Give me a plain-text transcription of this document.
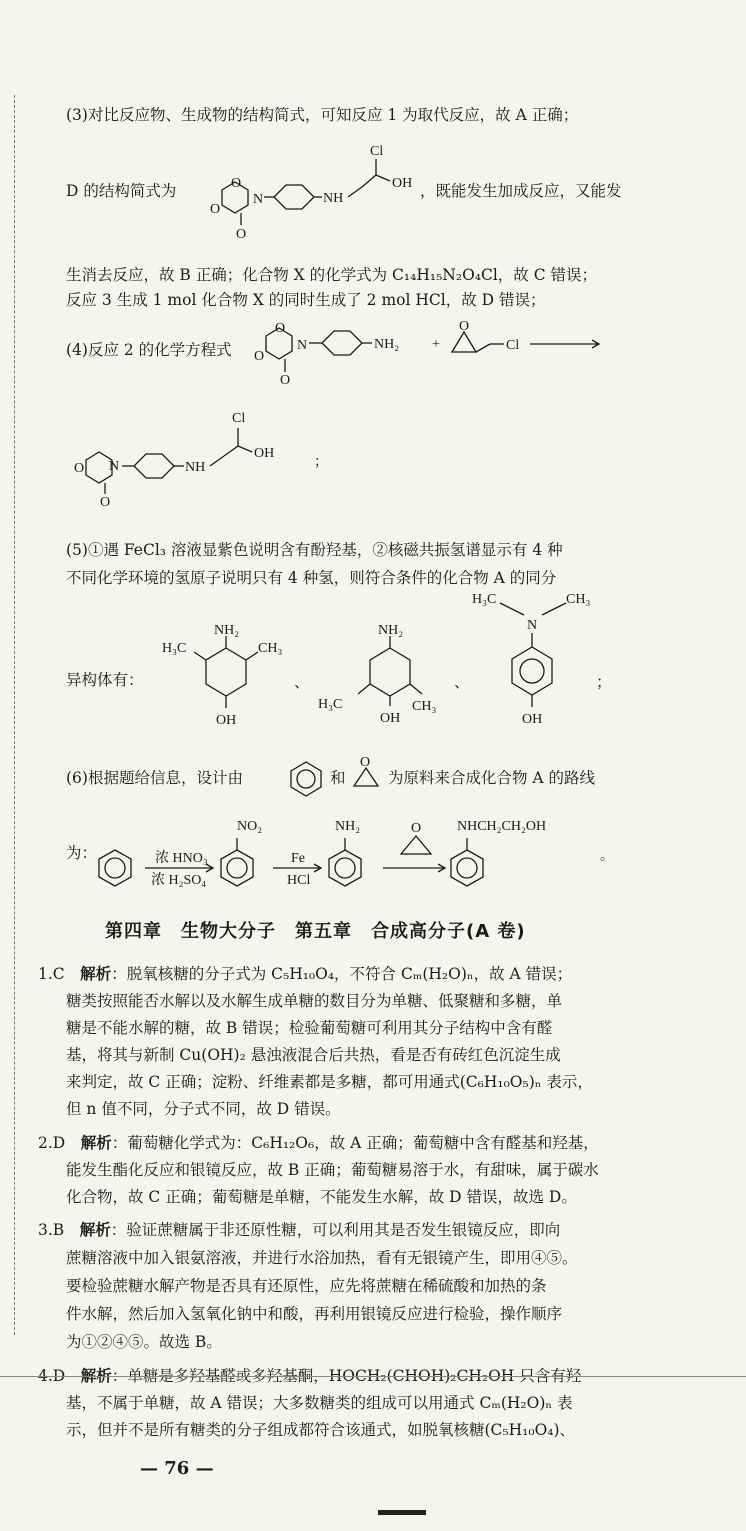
(3)对比反应物、生成物的结构简式，可知反应 1 为取代反应，故 A 正确；
D 的结构简式为	，既能发生加成反应，又能发
O
N
O
O
NH
Cl
OH
生消去反应，故 B 正确；化合物 X 的化学式为 C₁₄H₁₅N₂O₄Cl，故 C 错误；
反应 3 生成 1 mol 化合物 X 的同时生成了 2 mol HCl，故 D 错误；
(4)反应 2 的化学方程式
O
N
O
O
NH₂ +
O
Cl
O N
O
NH
Cl
OH
；
(5)①遇 FeCl₃ 溶液显紫色说明含有酚羟基，②核磁共振氢谱显示有 4 种
不同化学环境的氢原子说明只有 4 种氢，则符合条件的化合物 A 的同分
异构体有：
NH₂
H₃C	CH₃
OH
、
NH₂
H₃C	CH₃
OH
、
H₃C	CH₃
N
OH
；
(6)根据题给信息，设计由	和
O
为原料来合成化合物 A 的路线
为：	浓 HNO₃
浓 H₂SO₄
NO₂
Fe
HCl
NH₂	O	NHCH₂CH₂OH
。
第四章　生物大分子　第五章　合成高分子(A 卷)
1.C　 解析：脱氧核糖的分子式为 C₅H₁₀O₄，不符合 Cₘ(H₂O)ₙ，故 A 错误；
糖类按照能否水解以及水解生成单糖的数目分为单糖、低聚糖和多糖，单
糖是不能水解的糖，故 B 错误；检验葡萄糖可利用其分子结构中含有醛
基，将其与新制 Cu(OH)₂ 悬浊液混合后共热，看是否有砖红色沉淀生成
来判定，故 C 正确；淀粉、纤维素都是多糖，都可用通式(C₆H₁₀O₅)ₙ 表示，
但 n 值不同，分子式不同，故 D 错误。
2.D　 解析：葡萄糖化学式为：C₆H₁₂O₆，故 A 正确；葡萄糖中含有醛基和羟基，
能发生酯化反应和银镜反应，故 B 正确；葡萄糖易溶于水，有甜味，属于碳水
化合物，故 C 正确；葡萄糖是单糖，不能发生水解，故 D 错误，故选 D。
3.B　 解析：验证蔗糖属于非还原性糖，可以利用其是否发生银镜反应，即向
蔗糖溶液中加入银氨溶液，并进行水浴加热，看有无银镜产生，即用④⑤。
要检验蔗糖水解产物是否具有还原性，应先将蔗糖在稀硫酸和加热的条
件水解，然后加入氢氧化钠中和酸，再利用银镜反应进行检验，操作顺序
为①②④⑤。故选 B。
4.D　 解析：单糖是多羟基醛或多羟基酮，HOCH₂(CHOH)₂CH₂OH 只含有羟
基，不属于单糖，故 A 错误；大多数糖类的组成可以用通式 Cₘ(H₂O)ₙ 表
示，但并不是所有糖类的分子组成都符合该通式，如脱氧核糖(C₅H₁₀O₄)、
— 76 —
